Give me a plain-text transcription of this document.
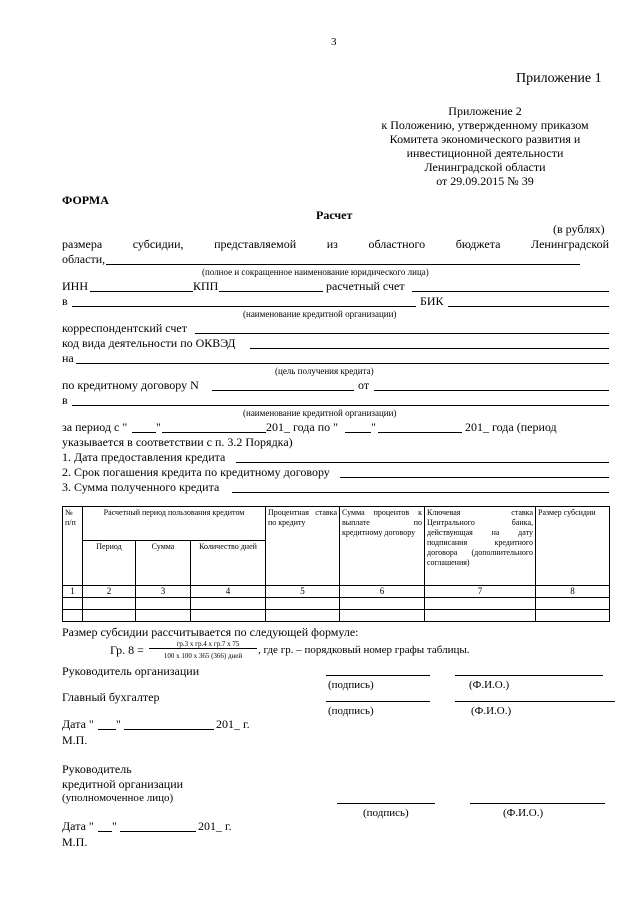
3
Приложение 1
Приложение 2
к Положению, утвержденному приказом
Комитета экономического развития и
инвестиционной деятельности
Ленинградской области
от 29.09.2015 № 39
ФОРМА
Расчет
(в рублях)
размера	субсидии,	представляемой	из	областного	бюджета	Ленинградской
области,
(полное и сокращенное наименование юридического лица)
ИНН	КПП	расчетный счет
в	БИК
(наименование кредитной организации)
корреспондентский счет
код вида деятельности по ОКВЭД
на
(цель получения кредита)
по кредитному договору N	от
в
(наименование кредитной организации)
за период с " "	201_ года по "	"	201_ года (период
указывается в соответствии с п. 3.2 Порядка)
1. Дата предоставления кредита
2. Срок погашения кредита по кредитному договору
3. Сумма полученного кредита
№ п/п	Расчетный период пользования кредитом			Процентная ставка по кредиту	Сумма процентов к выплате по кредитному договору	Ключевая ставка Центрального банка, действующая на дату подписания кредитного договора (дополнительного соглашения)	Размер субсидии
	Период	Сумма	Количество дней				
1	2	3	4	5	6	7	8

Размер субсидии рассчитывается по следующей формуле:
Гр. 8 =	гр.3 х гр.4 х гр.7 х 75
100 х 100 х 365 (366) дней	, где гр. – порядковый номер графы таблицы.
Руководитель организации
(подпись)	(Ф.И.О.)
Главный бухгалтер
(подпись)	(Ф.И.О.)
Дата " "	201_ г.
М.П.
Руководитель
кредитной организации
(уполномоченное лицо)
(подпись)	(Ф.И.О.)
Дата " "	201_ г.
М.П.
